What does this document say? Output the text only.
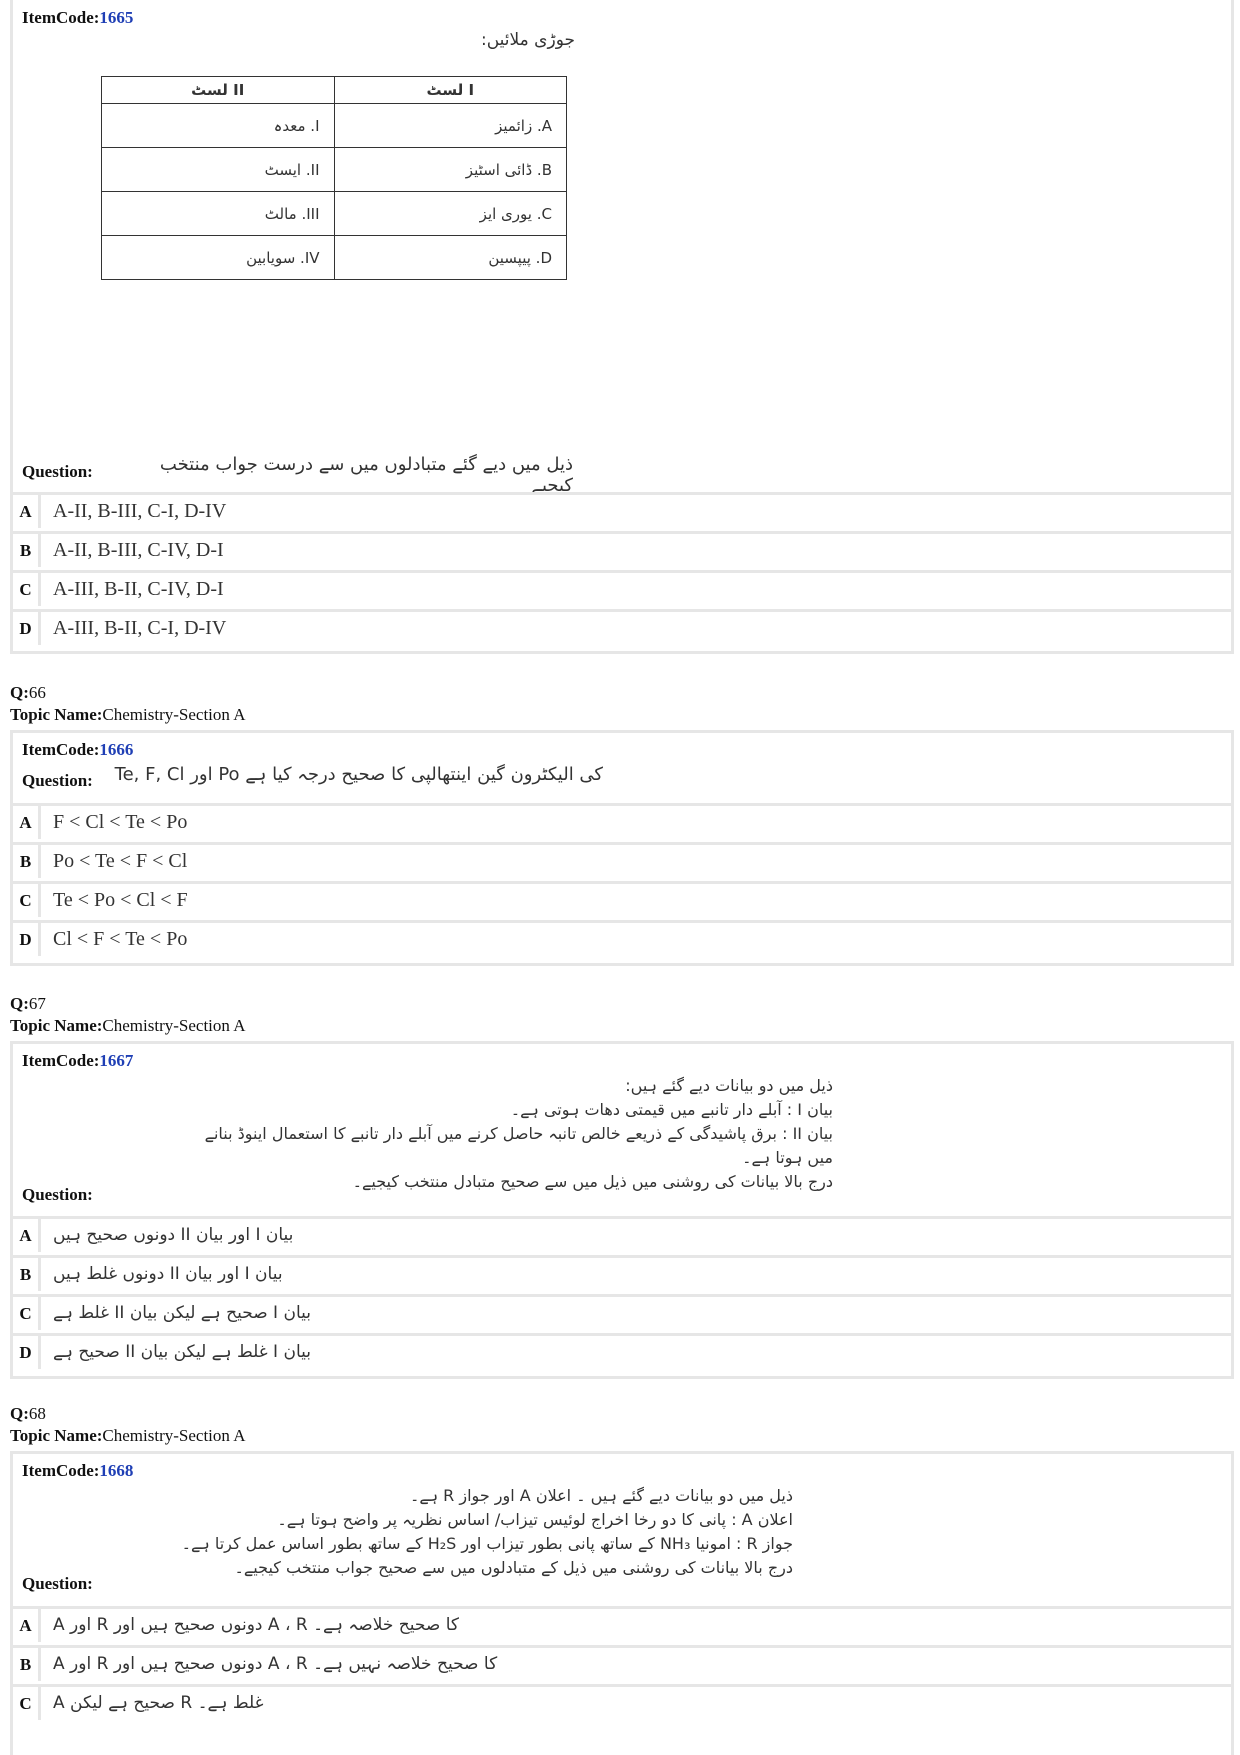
ItemCode:1665
جوڑی ملائیں:
لسٹ II	لسٹ I
I. معدہ	A. زائمیز
II. ایسٹ	B. ڈائی اسٹیز
III. مالٹ	C. یوری ایز
IV. سویابین	D. پیپسین
Question:	ذیل میں دیے گئے متبادلوں میں سے درست جواب منتخب کیجیے
A	A-II, B-III, C-I, D-IV
B	A-II, B-III, C-IV, D-I
C	A-III, B-II, C-IV, D-I
D	A-III, B-II, C-I, D-IV
Q:66
Topic Name:Chemistry-Section A
ItemCode:1666
Question:	Te, F, Cl اور Po کی الیکٹرون گین اینتھالپی کا صحیح درجہ کیا ہے
A	F < Cl < Te < Po
B	Po < Te < F < Cl
C	Te < Po < Cl < F
D	Cl < F < Te < Po
Q:67
Topic Name:Chemistry-Section A
ItemCode:1667
ذیل میں دو بیانات دیے گئے ہیں:
بیان I : آبلے دار تانبے میں قیمتی دھات ہوتی ہے۔
بیان II : برق پاشیدگی کے ذریعے خالص تانبہ حاصل کرنے میں آبلے دار تانبے کا استعمال اینوڈ بنانے
میں ہوتا ہے۔
درج بالا بیانات کی روشنی میں ذیل میں سے صحیح متبادل منتخب کیجیے۔
Question:
A	بیان I اور بیان II دونوں صحیح ہیں
B	بیان I اور بیان II دونوں غلط ہیں
C	بیان I صحیح ہے لیکن بیان II غلط ہے
D	بیان I غلط ہے لیکن بیان II صحیح ہے
Q:68
Topic Name:Chemistry-Section A
ItemCode:1668
ذیل میں دو بیانات دیے گئے ہیں ۔ اعلان A اور جواز R ہے۔
اعلان A : پانی کا دو رخا اخراج لوئیس تیزاب/ اساس نظریہ پر واضح ہوتا ہے۔
جواز R : امونیا NH₃ کے ساتھ پانی بطور تیزاب اور H₂S کے ساتھ بطور اساس عمل کرتا ہے۔
درج بالا بیانات کی روشنی میں ذیل کے متبادلوں میں سے صحیح جواب منتخب کیجیے۔
Question:
A	A اور R دونوں صحیح ہیں اور A ، R کا صحیح خلاصہ ہے۔
B	A اور R دونوں صحیح ہیں اور A ، R کا صحیح خلاصہ نہیں ہے۔
C	A صحیح ہے لیکن R غلط ہے۔
